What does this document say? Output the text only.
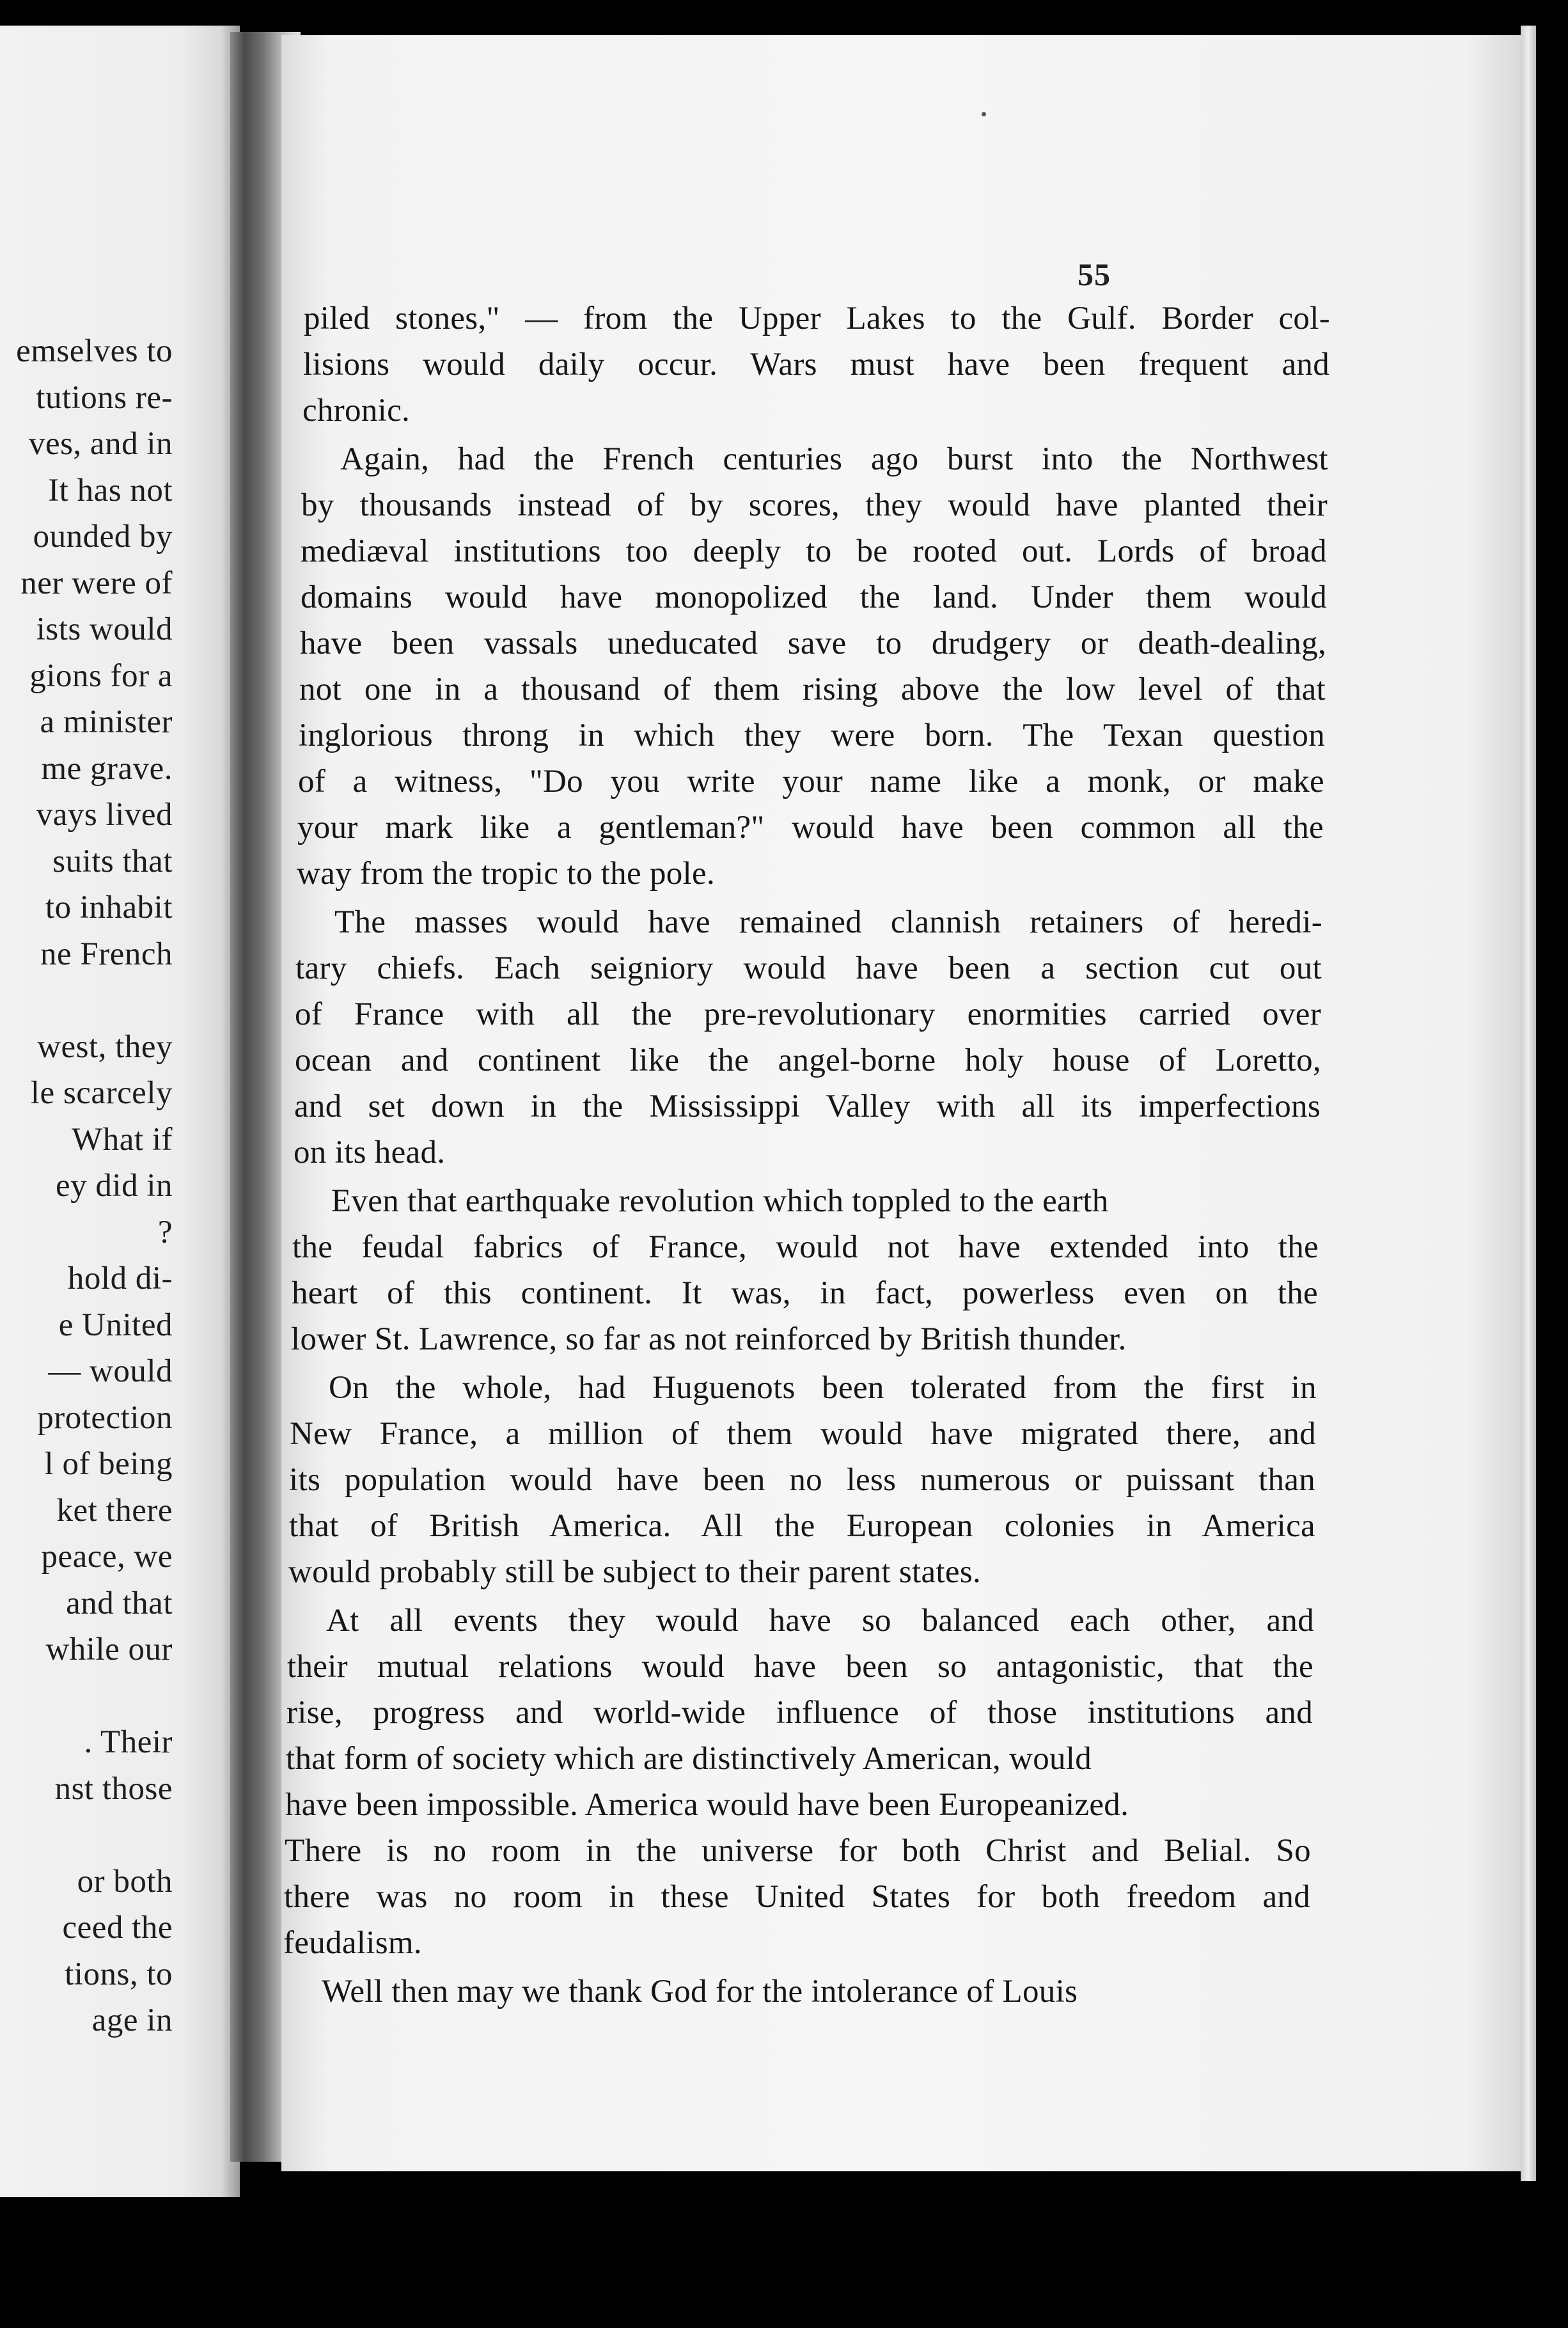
emselves to
tutions re-
ves, and in
It has not
ounded by
ner were of
ists would
gions for a
a minister
me grave.
vays lived
suits that
to inhabit
ne French
west, they
le scarcely
What if
ey did in
?
hold di-
e United
— would
protection
l of being
ket there
peace, we
and that
while our
. Their
nst those
or both
ceed the
tions, to
age in
55
piled stones," — from the Upper Lakes to the Gulf. Border col-
lisions would daily occur. Wars must have been frequent and
chronic.
Again, had the French centuries ago burst into the Northwest
by thousands instead of by scores, they would have planted their
mediæval institutions too deeply to be rooted out. Lords of broad
domains would have monopolized the land. Under them would
have been vassals uneducated save to drudgery or death-dealing,
not one in a thousand of them rising above the low level of that
inglorious throng in which they were born. The Texan question
of a witness, "Do you write your name like a monk, or make
your mark like a gentleman?" would have been common all the
way from the tropic to the pole.
The masses would have remained clannish retainers of heredi-
tary chiefs. Each seigniory would have been a section cut out
of France with all the pre-revolutionary enormities carried over
ocean and continent like the angel-borne holy house of Loretto,
and set down in the Mississippi Valley with all its imperfections
on its head.
Even that earthquake revolution which toppled to the earth
the feudal fabrics of France, would not have extended into the
heart of this continent. It was, in fact, powerless even on the
lower St. Lawrence, so far as not reinforced by British thunder.
On the whole, had Huguenots been tolerated from the first in
New France, a million of them would have migrated there, and
its population would have been no less numerous or puissant than
that of British America. All the European colonies in America
would probably still be subject to their parent states.
At all events they would have so balanced each other, and
their mutual relations would have been so antagonistic, that the
rise, progress and world-wide influence of those institutions and
that form of society which are distinctively American, would
have been impossible. America would have been Europeanized.
There is no room in the universe for both Christ and Belial. So
there was no room in these United States for both freedom and
feudalism.
Well then may we thank God for the intolerance of Louis
